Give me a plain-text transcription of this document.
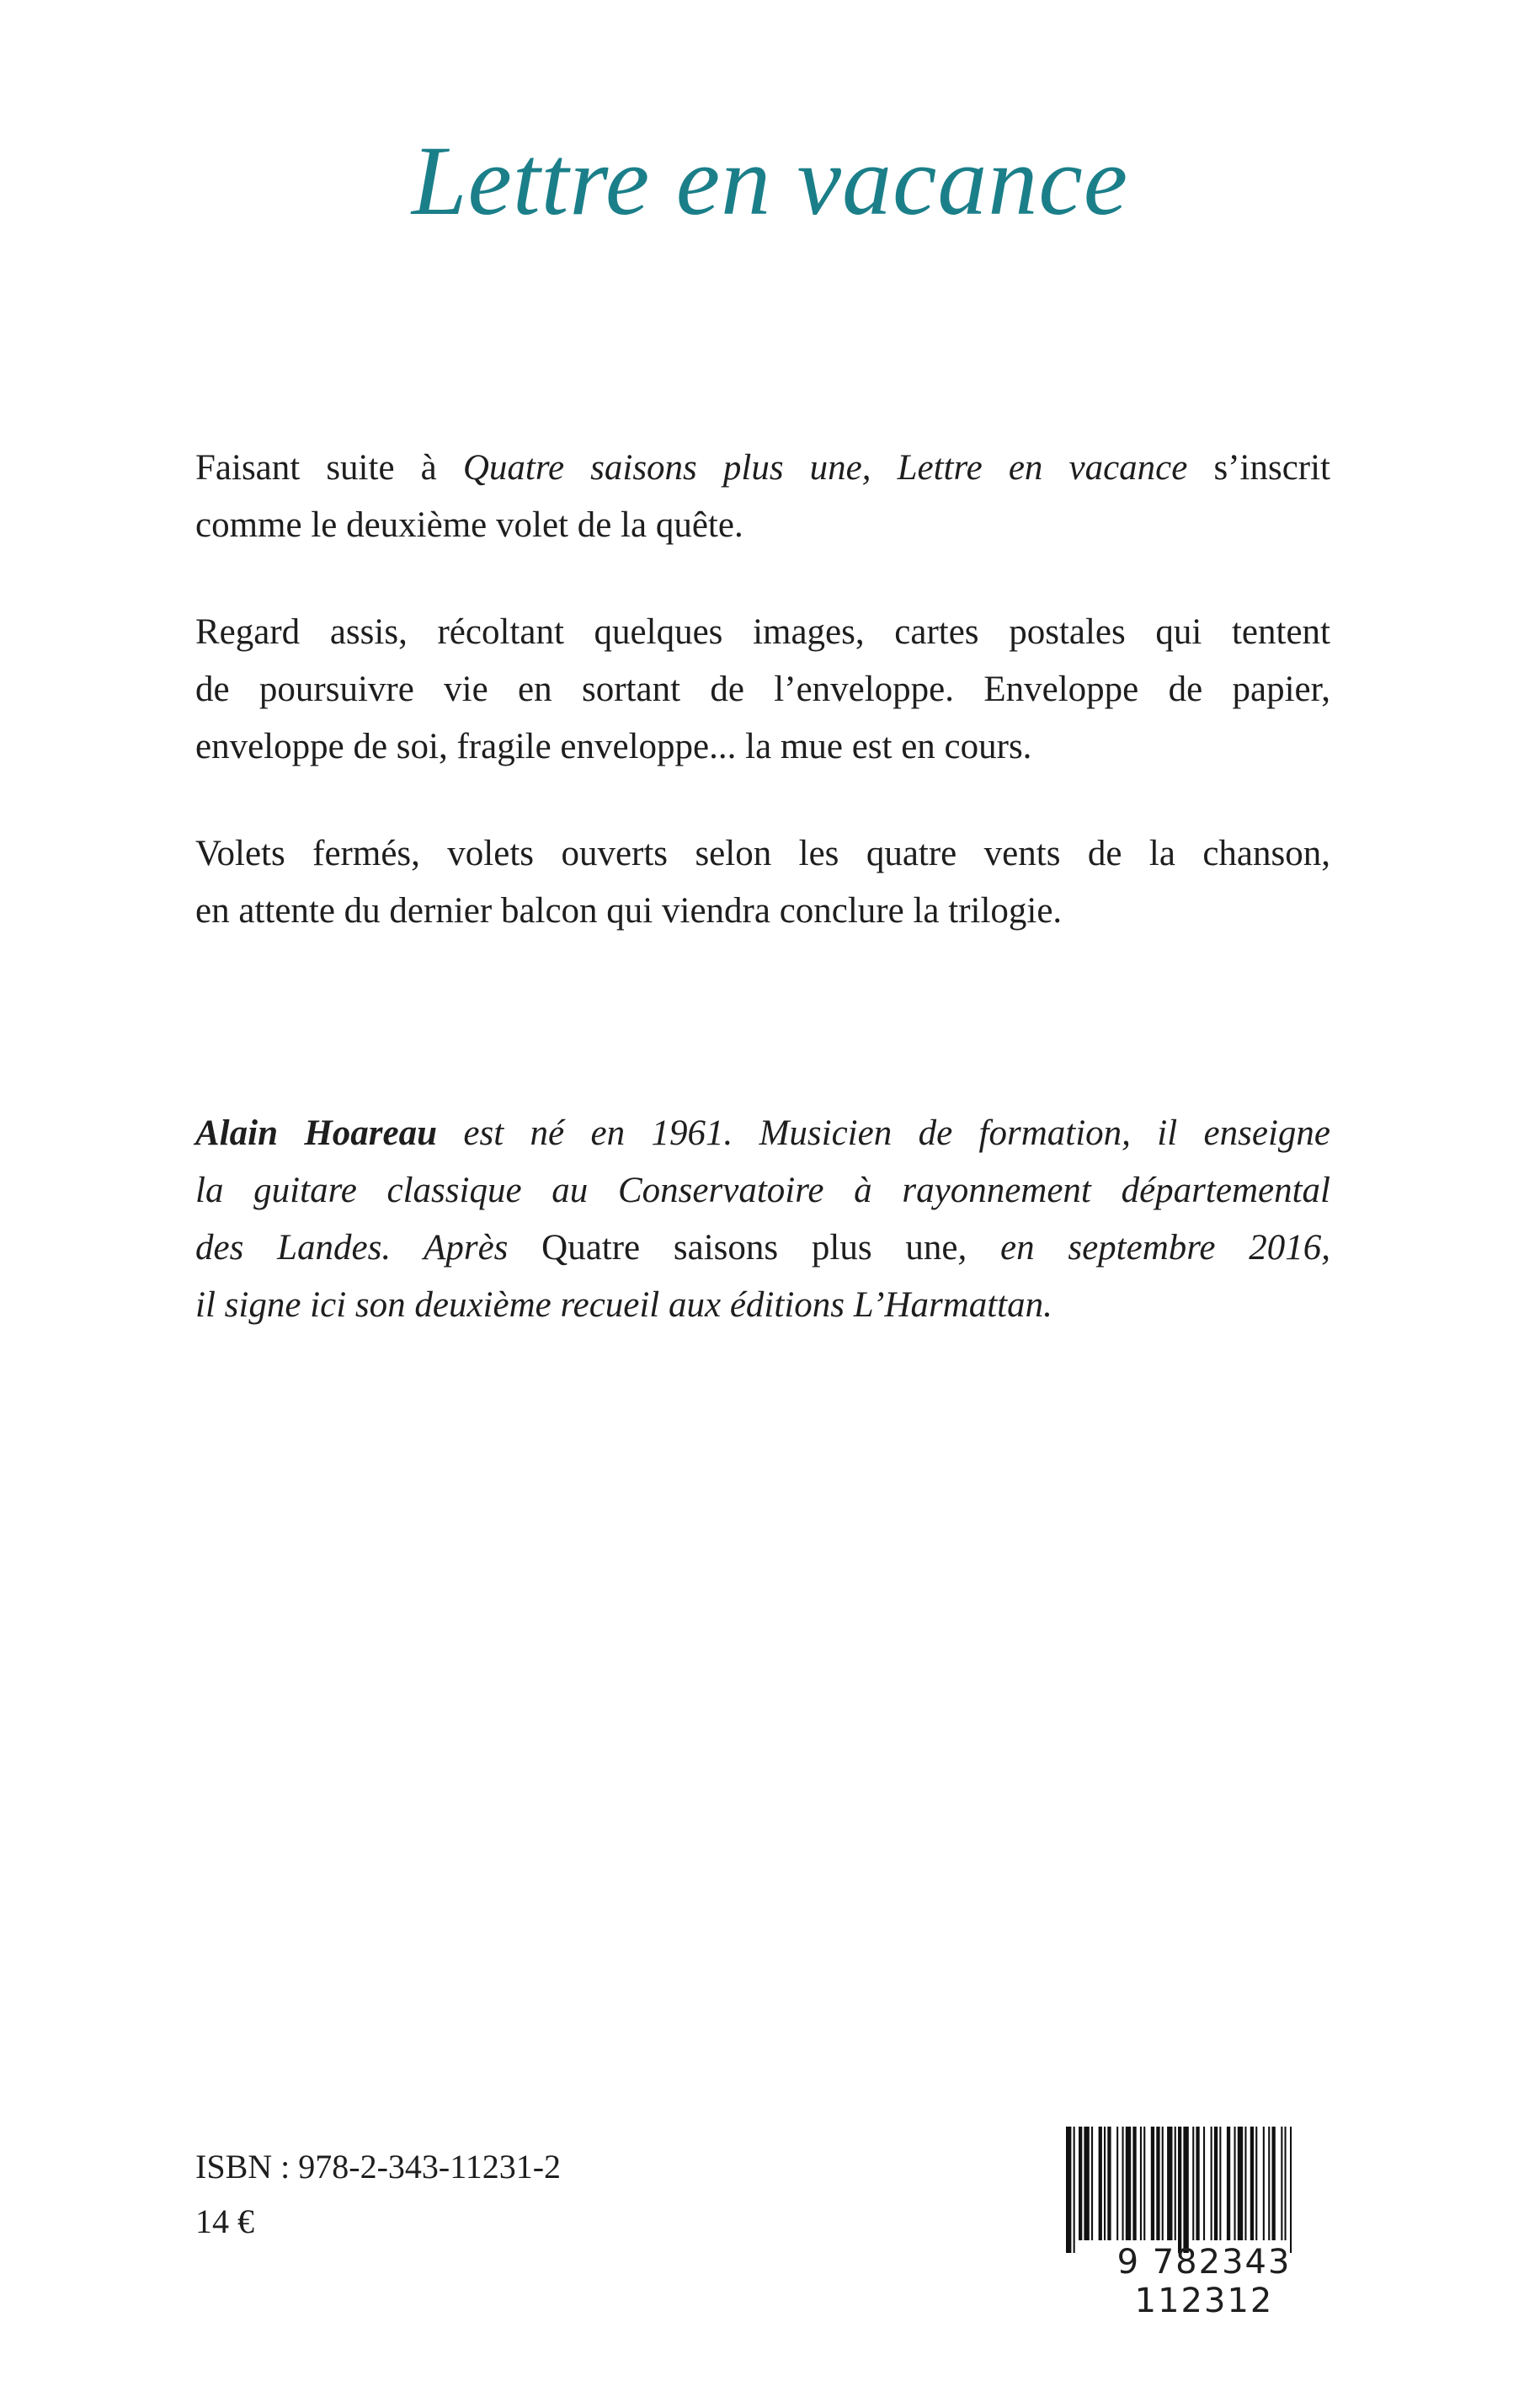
Lettre en vacance
Faisant suite à Quatre saisons plus une, Lettre en vacance s’inscrit
comme le deuxième volet de la quête.
Regard assis, récoltant quelques images, cartes postales qui tentent
de poursuivre vie en sortant de l’enveloppe. Enveloppe de papier,
enveloppe de soi, fragile enveloppe... la mue est en cours.
Volets fermés, volets ouverts selon les quatre vents de la chanson,
en attente du dernier balcon qui viendra conclure la trilogie.
Alain Hoareau est né en 1961. Musicien de formation, il enseigne
la guitare classique au Conservatoire à rayonnement départemental
des Landes. Après Quatre saisons plus une, en septembre 2016,
il signe ici son deuxième recueil aux éditions L’Harmattan.
ISBN : 978-2-343-11231-2
14 €
9 782343 112312
